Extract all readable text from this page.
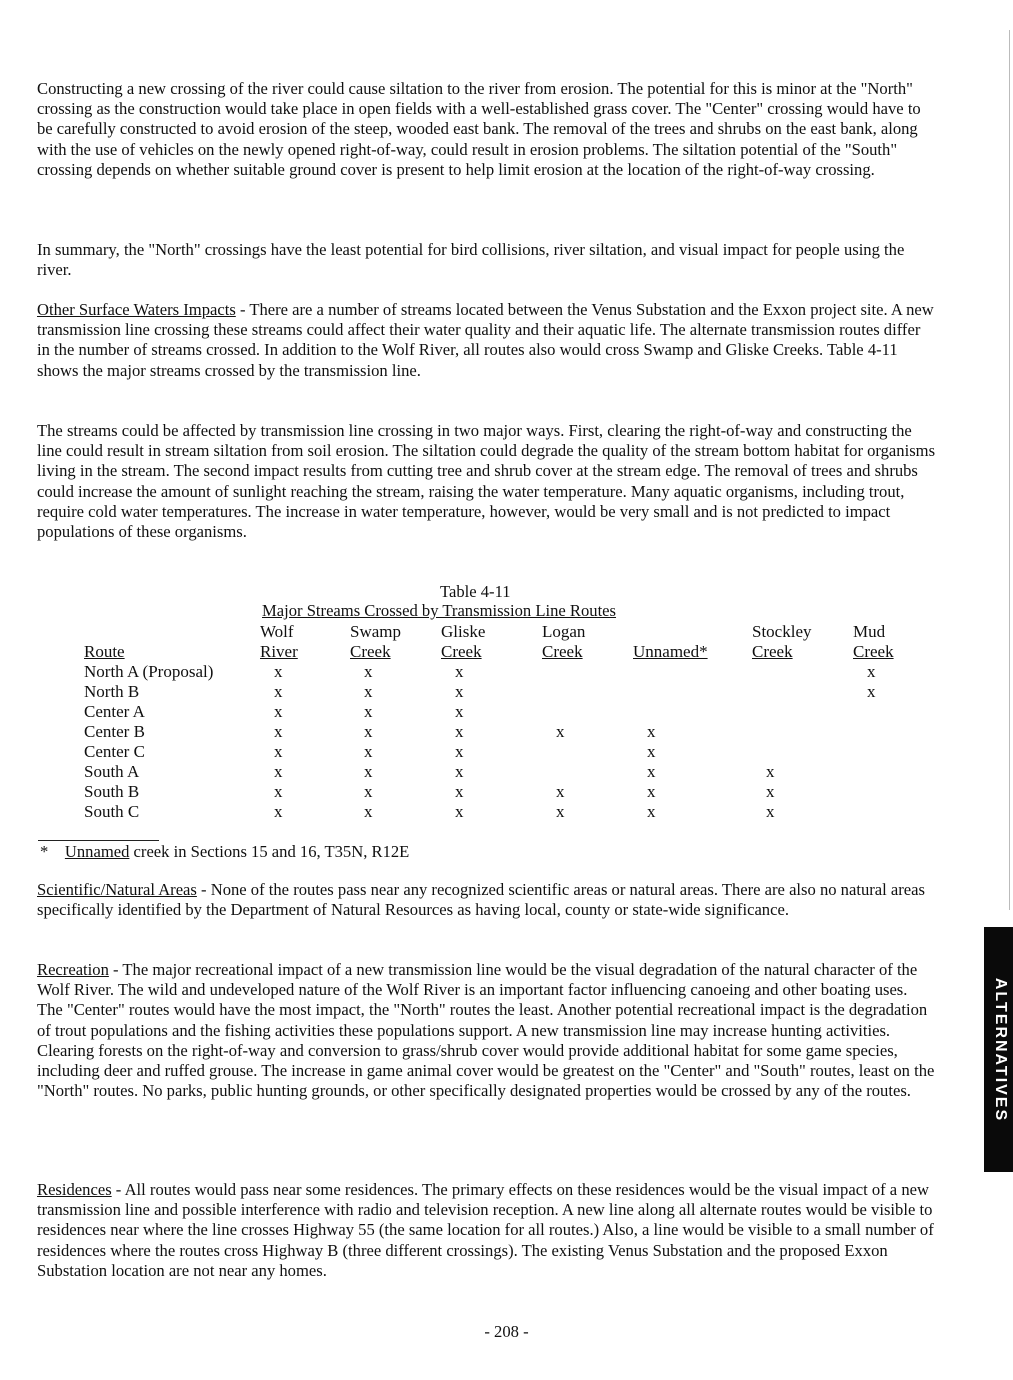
Constructing a new crossing of the river could cause siltation to the river from erosion. The potential for this is minor at the "North" crossing as the construction would take place in open fields with a well-established grass cover. The "Center" crossing would have to be carefully constructed to avoid erosion of the steep, wooded east bank. The removal of the trees and shrubs on the east bank, along with the use of vehicles on the newly opened right-of-way, could result in erosion problems. The siltation potential of the "South" crossing depends on whether suitable ground cover is present to help limit erosion at the location of the right-of-way crossing.

In summary, the "North" crossings have the least potential for bird collisions, river siltation, and visual impact for people using the river.

Other Surface Waters Impacts - There are a number of streams located between the Venus Substation and the Exxon project site. A new transmission line crossing these streams could affect their water quality and their aquatic life. The alternate transmission routes differ in the number of streams crossed. In addition to the Wolf River, all routes also would cross Swamp and Gliske Creeks. Table 4-11 shows the major streams crossed by the transmission line.

The streams could be affected by transmission line crossing in two major ways. First, clearing the right-of-way and constructing the line could result in stream siltation from soil erosion. The siltation could degrade the quality of the stream bottom habitat for organisms living in the stream. The second impact results from cutting tree and shrub cover at the stream edge. The removal of trees and shrubs could increase the amount of sunlight reaching the stream, raising the water temperature. Many aquatic organisms, including trout, require cold water temperatures. The increase in water temperature, however, would be very small and is not predicted to impact populations of these organisms.

Table 4-11
Major Streams Crossed by Transmission Line Routes
	Wolf	Swamp	Gliske	Logan		Stockley	Mud
Route	River	Creek	Creek	Creek	Unnamed*	Creek	Creek
North A (Proposal)	x	x	x				x
North B	x	x	x				x
Center A	x	x	x				
Center B	x	x	x	x	x		
Center C	x	x	x		x		
South A	x	x	x		x	x	
South B	x	x	x	x	x	x	
South C	x	x	x	x	x	x	
* Unnamed creek in Sections 15 and 16, T35N, R12E

Scientific/Natural Areas - None of the routes pass near any recognized scientific areas or natural areas. There are also no natural areas specifically identified by the Department of Natural Resources as having local, county or state-wide significance.

Recreation - The major recreational impact of a new transmission line would be the visual degradation of the natural character of the Wolf River. The wild and undeveloped nature of the Wolf River is an important factor influencing canoeing and other boating uses. The "Center" routes would have the most impact, the "North" routes the least. Another potential recreational impact is the degradation of trout populations and the fishing activities these populations support. A new transmission line may increase hunting activities. Clearing forests on the right-of-way and conversion to grass/shrub cover would provide additional habitat for some game species, including deer and ruffed grouse. The increase in game animal cover would be greatest on the "Center" and "South" routes, least on the "North" routes. No parks, public hunting grounds, or other specifically designated properties would be crossed by any of the routes.

Residences - All routes would pass near some residences. The primary effects on these residences would be the visual impact of a new transmission line and possible interference with radio and television reception. A new line along all alternate routes would be visible to residences near where the line crosses Highway 55 (the same location for all routes.) Also, a line would be visible to a small number of residences where the routes cross Highway B (three different crossings). The existing Venus Substation and the proposed Exxon Substation location are not near any homes.

ALTERNATIVES
- 208 -
